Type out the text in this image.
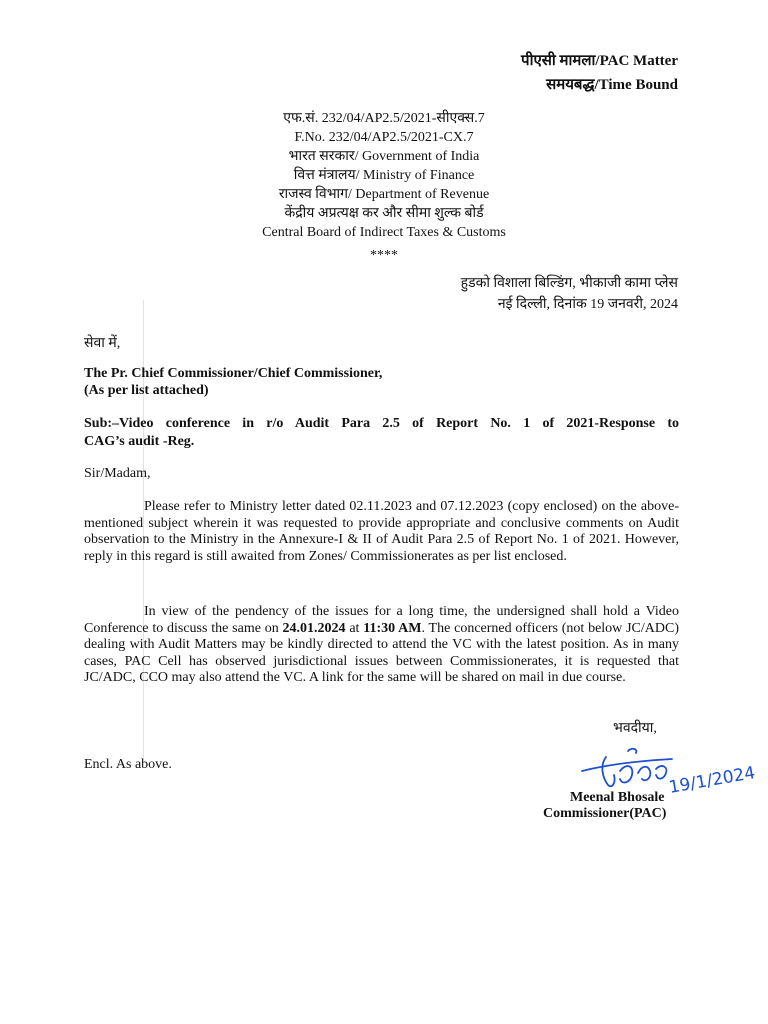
पीएसी मामला/PAC Matter
समयबद्ध/Time Bound
एफ.सं. 232/04/AP2.5/2021-सीएक्स.7
F.No. 232/04/AP2.5/2021-CX.7
भारत सरकार/ Government of India
वित्त मंत्रालय/ Ministry of Finance
राजस्व विभाग/ Department of Revenue
केंद्रीय अप्रत्यक्ष कर और सीमा शुल्क बोर्ड
Central Board of Indirect Taxes & Customs
****
हुडको विशाला बिल्डिंग, भीकाजी कामा प्लेस
नई दिल्ली, दिनांक 19 जनवरी, 2024
सेवा में,
The Pr. Chief Commissioner/Chief Commissioner,
(As per list attached)
Sub:–Video conference in r/o Audit Para 2.5 of Report No. 1 of 2021-Response to
CAG’s audit -Reg.
Sir/Madam,

Please refer to Ministry letter dated 02.11.2023 and 07.12.2023 (copy enclosed) on the above-mentioned subject wherein it was requested to provide appropriate and conclusive comments on Audit observation to the Ministry in the Annexure-I & II of Audit Para 2.5 of Report No. 1 of 2021. However, reply in this regard is still awaited from Zones/ Commissionerates as per list enclosed.

In view of the pendency of the issues for a long time, the undersigned shall hold a Video Conference to discuss the same on 24.01.2024 at 11:30 AM. The concerned officers (not below JC/ADC) dealing with Audit Matters may be kindly directed to attend the VC with the latest position. As in many cases, PAC Cell has observed jurisdictional issues between Commissionerates, it is requested that JC/ADC, CCO may also attend the VC. A link for the same will be shared on mail in due course.

भवदीया,
Encl. As above.	19/1/2024
Meenal Bhosale
Commissioner(PAC)
